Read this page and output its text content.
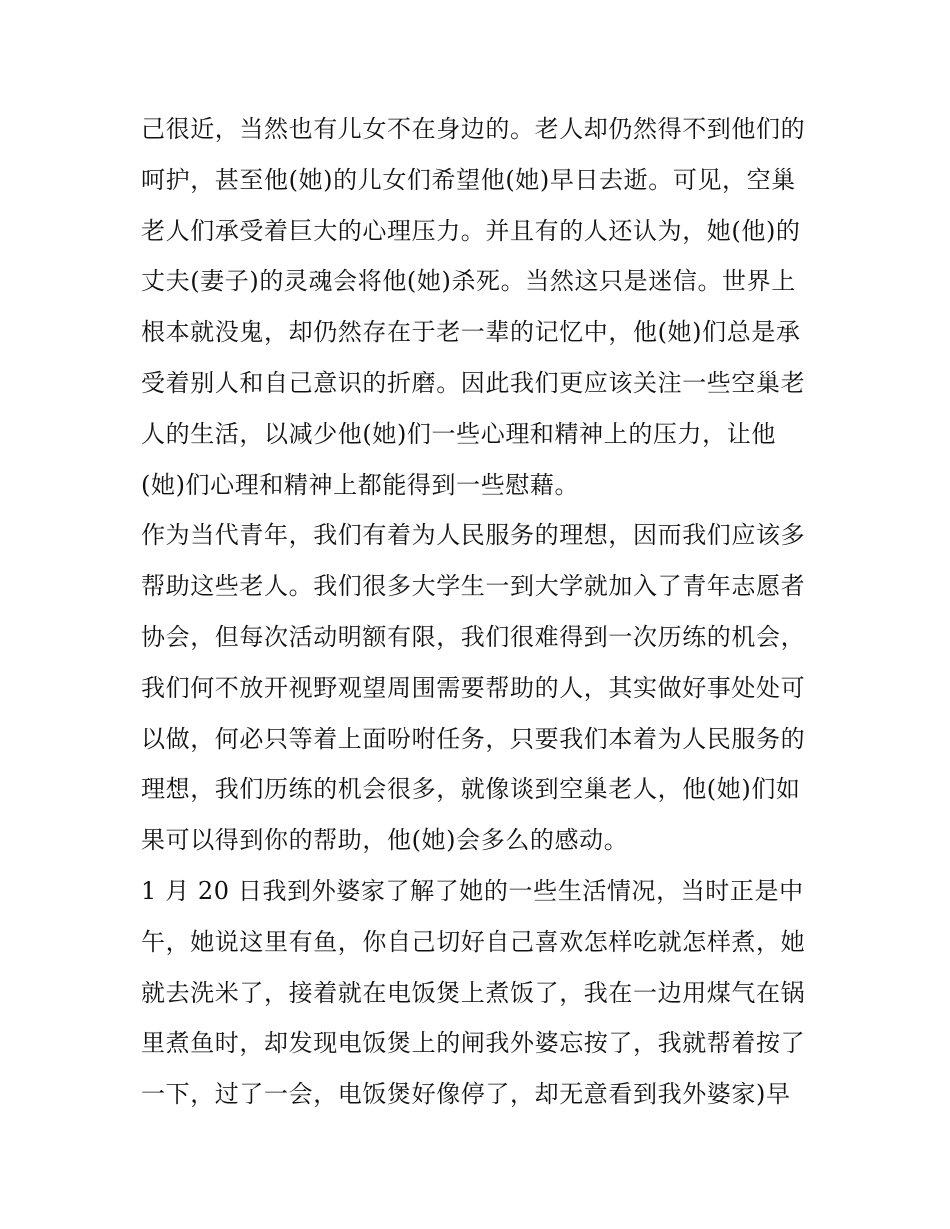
己很近，当然也有儿女不在身边的。老人却仍然得不到他们的
呵护，甚至他(她)的儿女们希望他(她)早日去逝。可见，空巢
老人们承受着巨大的心理压力。并且有的人还认为，她(他)的
丈夫(妻子)的灵魂会将他(她)杀死。当然这只是迷信。世界上
根本就没鬼，却仍然存在于老一辈的记忆中，他(她)们总是承
受着别人和自己意识的折磨。因此我们更应该关注一些空巢老
人的生活，以减少他(她)们一些心理和精神上的压力，让他
(她)们心理和精神上都能得到一些慰藉。
作为当代青年，我们有着为人民服务的理想，因而我们应该多
帮助这些老人。我们很多大学生一到大学就加入了青年志愿者
协会，但每次活动明额有限，我们很难得到一次历练的机会，
我们何不放开视野观望周围需要帮助的人，其实做好事处处可
以做，何必只等着上面吩咐任务，只要我们本着为人民服务的
理想，我们历练的机会很多，就像谈到空巢老人，他(她)们如
果可以得到你的帮助，他(她)会多么的感动。
1 月 20 日我到外婆家了解了她的一些生活情况，当时正是中
午，她说这里有鱼，你自己切好自己喜欢怎样吃就怎样煮，她
就去洗米了，接着就在电饭煲上煮饭了，我在一边用煤气在锅
里煮鱼时，却发现电饭煲上的闸我外婆忘按了，我就帮着按了
一下，过了一会，电饭煲好像停了，却无意看到我外婆家)早
